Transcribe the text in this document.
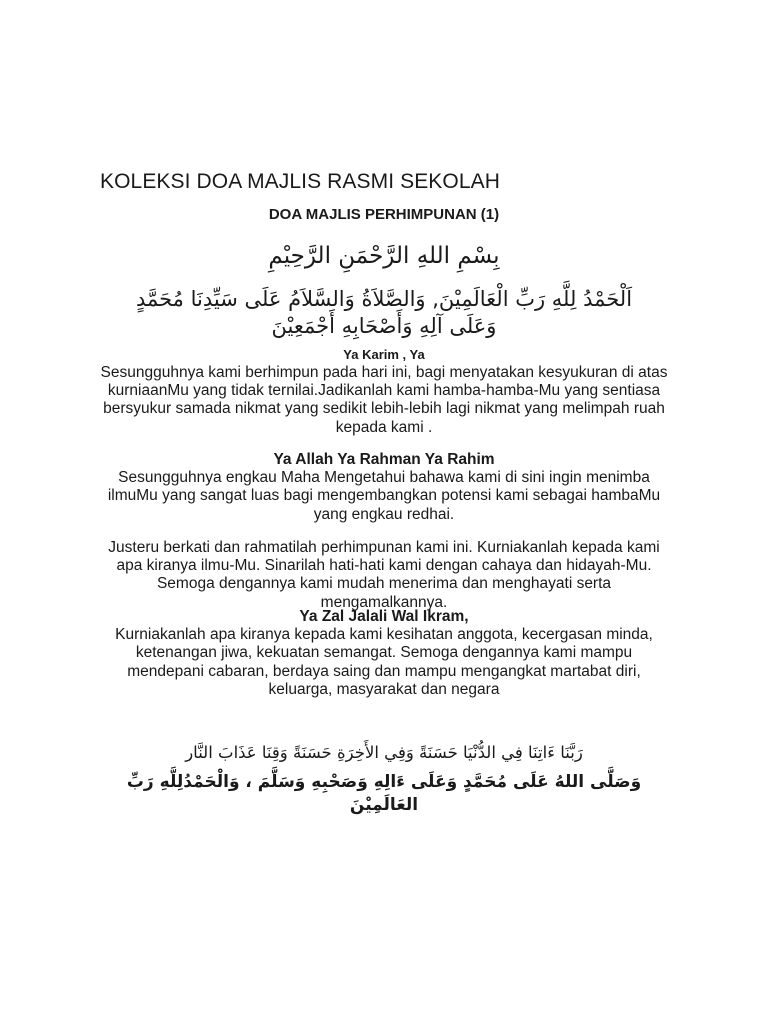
KOLEKSI DOA MAJLIS RASMI SEKOLAH
DOA MAJLIS PERHIMPUNAN (1)

بِسْمِ اللهِ الرَّحْمَنِ الرَّحِيْمِ

اَلْحَمْدُ لِلَّهِ رَبِّ الْعَالَمِيْنَ, وَالصَّلاَةُ وَالسَّلاَمُ عَلَى سَيِّدِنَا مُحَمَّدٍ
وَعَلَى آلِهِ وَأَصْحَابِهِ أَجْمَعِيْنَ
Ya Karim , Ya
Sesungguhnya kami berhimpun pada hari ini, bagi menyatakan kesyukuran di atas kurniaanMu yang tidak ternilai.Jadikanlah kami hamba-hamba-Mu yang sentiasa bersyukur samada nikmat yang sedikit lebih-lebih lagi nikmat yang melimpah ruah kepada kami .
Ya Allah Ya Rahman Ya Rahim
Sesungguhnya engkau Maha Mengetahui bahawa kami di sini ingin menimba ilmuMu yang sangat luas bagi mengembangkan potensi kami sebagai hambaMu yang engkau redhai.
Justeru berkati dan rahmatilah perhimpunan kami ini. Kurniakanlah kepada kami apa kiranya ilmu-Mu. Sinarilah hati-hati kami dengan cahaya dan hidayah-Mu. Semoga dengannya kami mudah menerima dan menghayati serta mengamalkannya.
Ya Zal Jalali Wal Ikram,
Kurniakanlah apa kiranya kepada kami kesihatan anggota, kecergasan minda, ketenangan jiwa, kekuatan semangat. Semoga dengannya kami mampu mendepani cabaran, berdaya saing dan mampu mengangkat martabat diri, keluarga, masyarakat dan negara

رَبَّنَا ءَاتِنَا فِي الدُّنْيَا حَسَنَةً وَفِي الأَخِرَةِ حَسَنَةً وَقِنَا عَذَابَ النَّار

وَصَلَّى اللهُ عَلَى مُحَمَّدٍ وَعَلَى ءَالِهِ وَصَحْبِهِ وَسَلَّمَ ، وَالْحَمْدُلِلَّهِ رَبِّ العَالَمِيْنَ
